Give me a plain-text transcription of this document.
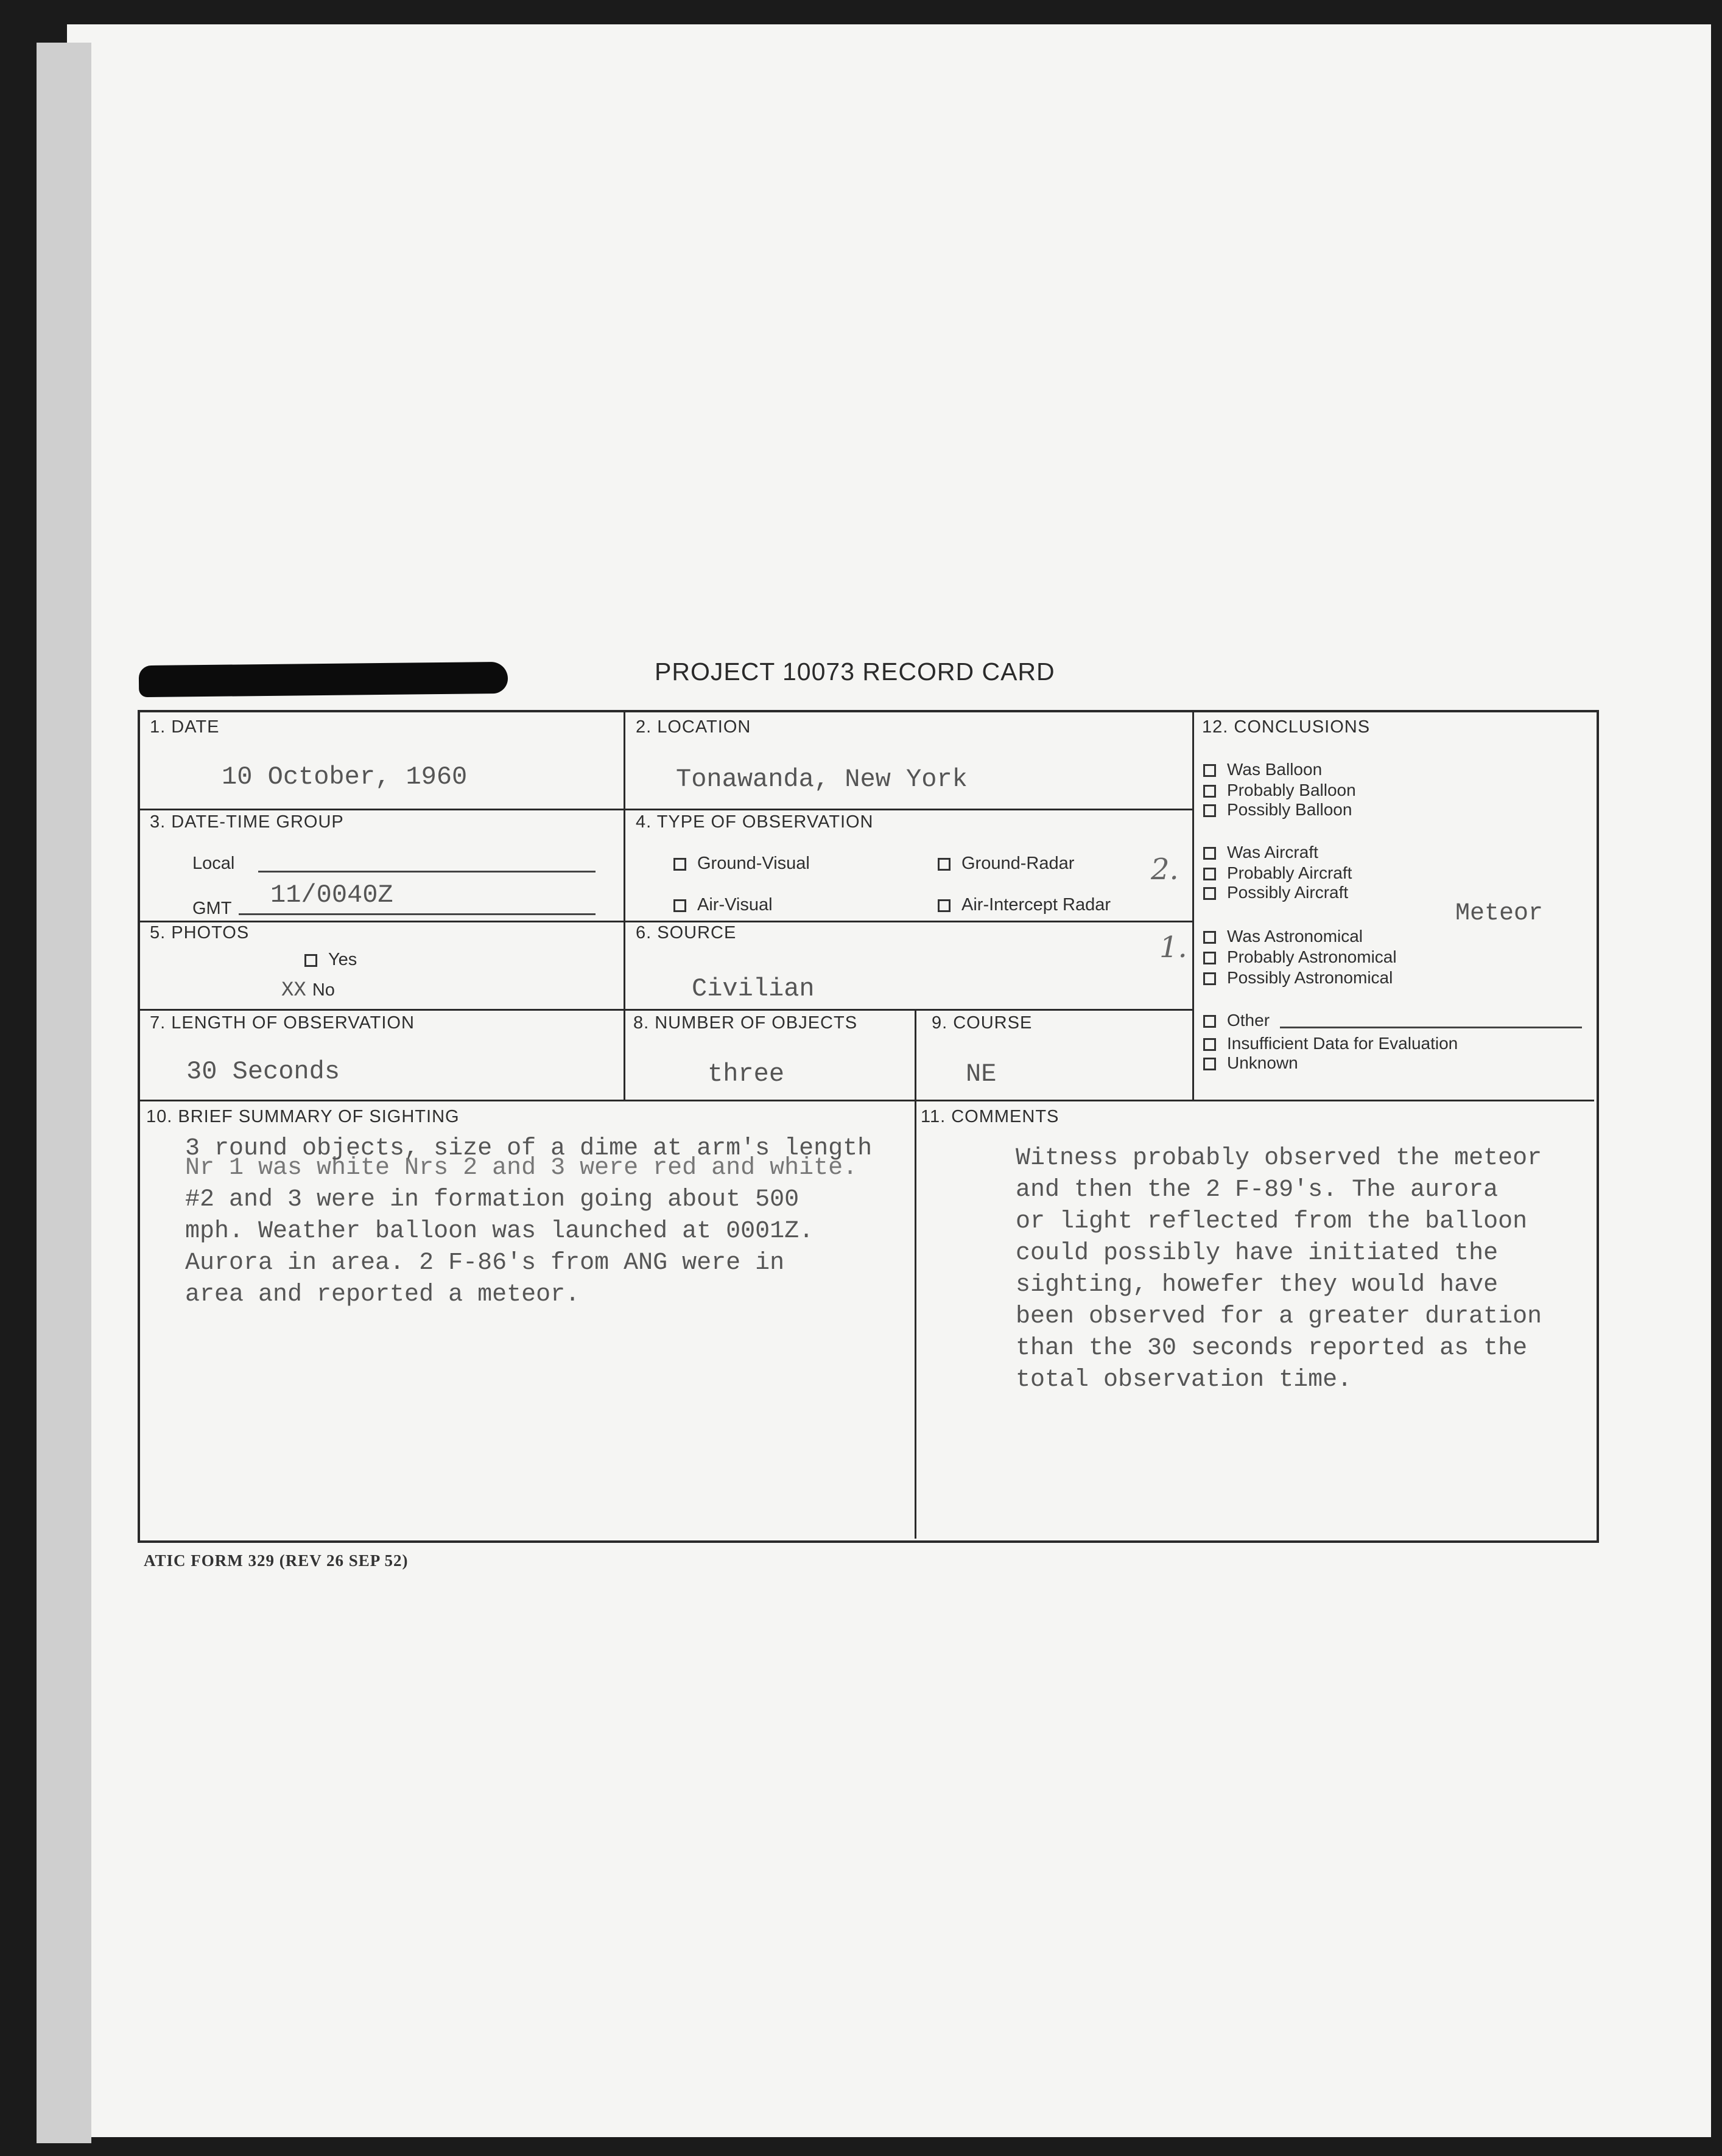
PROJECT 10073 RECORD CARD
1. DATE
10 October, 1960
2. LOCATION
Tonawanda, New York
3. DATE-TIME GROUP
Local
GMT 11/0040Z
4. TYPE OF OBSERVATION
Ground-Visual	Ground-Radar
Air-Visual	Air-Intercept Radar
5. PHOTOS
Yes
XX No
6. SOURCE
Civilian
7. LENGTH OF OBSERVATION
30 Seconds
8. NUMBER OF OBJECTS
three
9. COURSE
NE
12. CONCLUSIONS
Was Balloon
Probably Balloon
Possibly Balloon
Was Aircraft
Probably Aircraft
Possibly Aircraft
Was Astronomical
Probably Astronomical
Possibly Astronomical
Other
Insufficient Data for Evaluation
Unknown
Meteor
2.
1.
10. BRIEF SUMMARY OF SIGHTING
Nr 1 was white Nrs 2 and 3 were red and white.
3 round objects, size of a dime at arm's length
#2 and 3 were in formation going about 500
mph. Weather balloon was launched at 0001Z.
Aurora in area. 2 F-86's from ANG were in
area and reported a meteor.
11. COMMENTS
Witness probably observed the meteor
and then the 2 F-89's. The aurora
or light reflected from the balloon
could possibly have initiated the
sighting, howefer they would have
been observed for a greater duration
than the 30 seconds reported as the
total observation time.
ATIC FORM 329 (REV 26 SEP 52)
